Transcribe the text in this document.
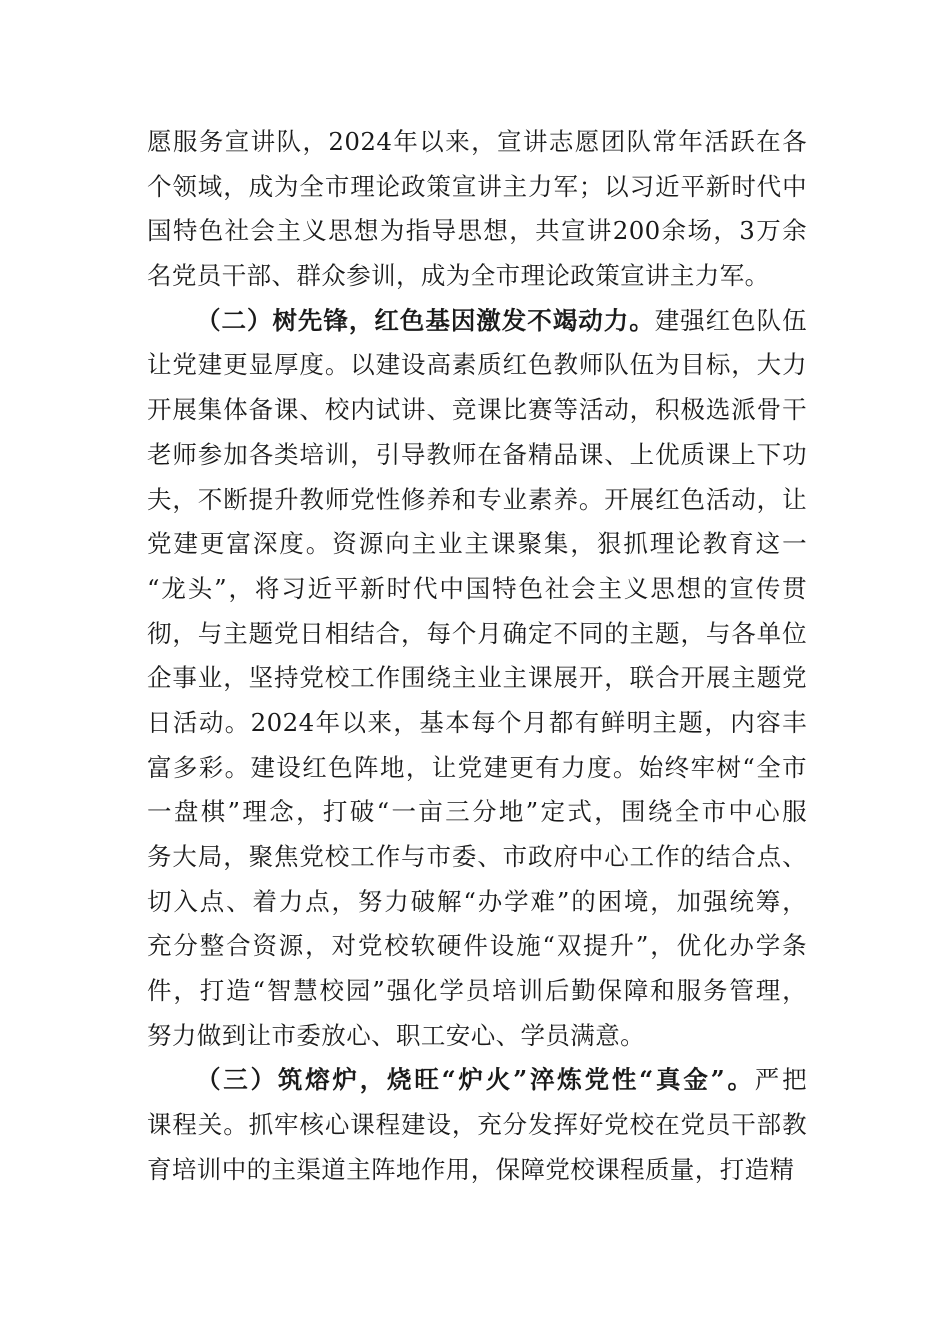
愿服务宣讲队，2024年以来，宣讲志愿团队常年活跃在各
个领域，成为全市理论政策宣讲主力军；以习近平新时代中
国特色社会主义思想为指导思想，共宣讲200余场，3万余
名党员干部、群众参训，成为全市理论政策宣讲主力军。
（二）树先锋，红色基因激发不竭动力。建强红色队伍
让党建更显厚度。以建设高素质红色教师队伍为目标，大力
开展集体备课、校内试讲、竞课比赛等活动，积极选派骨干
老师参加各类培训，引导教师在备精品课、上优质课上下功
夫，不断提升教师党性修养和专业素养。开展红色活动，让
党建更富深度。资源向主业主课聚集，狠抓理论教育这一
“龙头”，将习近平新时代中国特色社会主义思想的宣传贯
彻，与主题党日相结合，每个月确定不同的主题，与各单位
企事业，坚持党校工作围绕主业主课展开，联合开展主题党
日活动。2024年以来，基本每个月都有鲜明主题，内容丰
富多彩。建设红色阵地，让党建更有力度。始终牢树“全市
一盘棋”理念，打破“一亩三分地”定式，围绕全市中心服
务大局，聚焦党校工作与市委、市政府中心工作的结合点、
切入点、着力点，努力破解“办学难”的困境，加强统筹，
充分整合资源，对党校软硬件设施“双提升”，优化办学条
件，打造“智慧校园”强化学员培训后勤保障和服务管理，
努力做到让市委放心、职工安心、学员满意。
（三）筑熔炉，烧旺“炉火”淬炼党性“真金”。严把
课程关。抓牢核心课程建设，充分发挥好党校在党员干部教
育培训中的主渠道主阵地作用，保障党校课程质量，打造精
